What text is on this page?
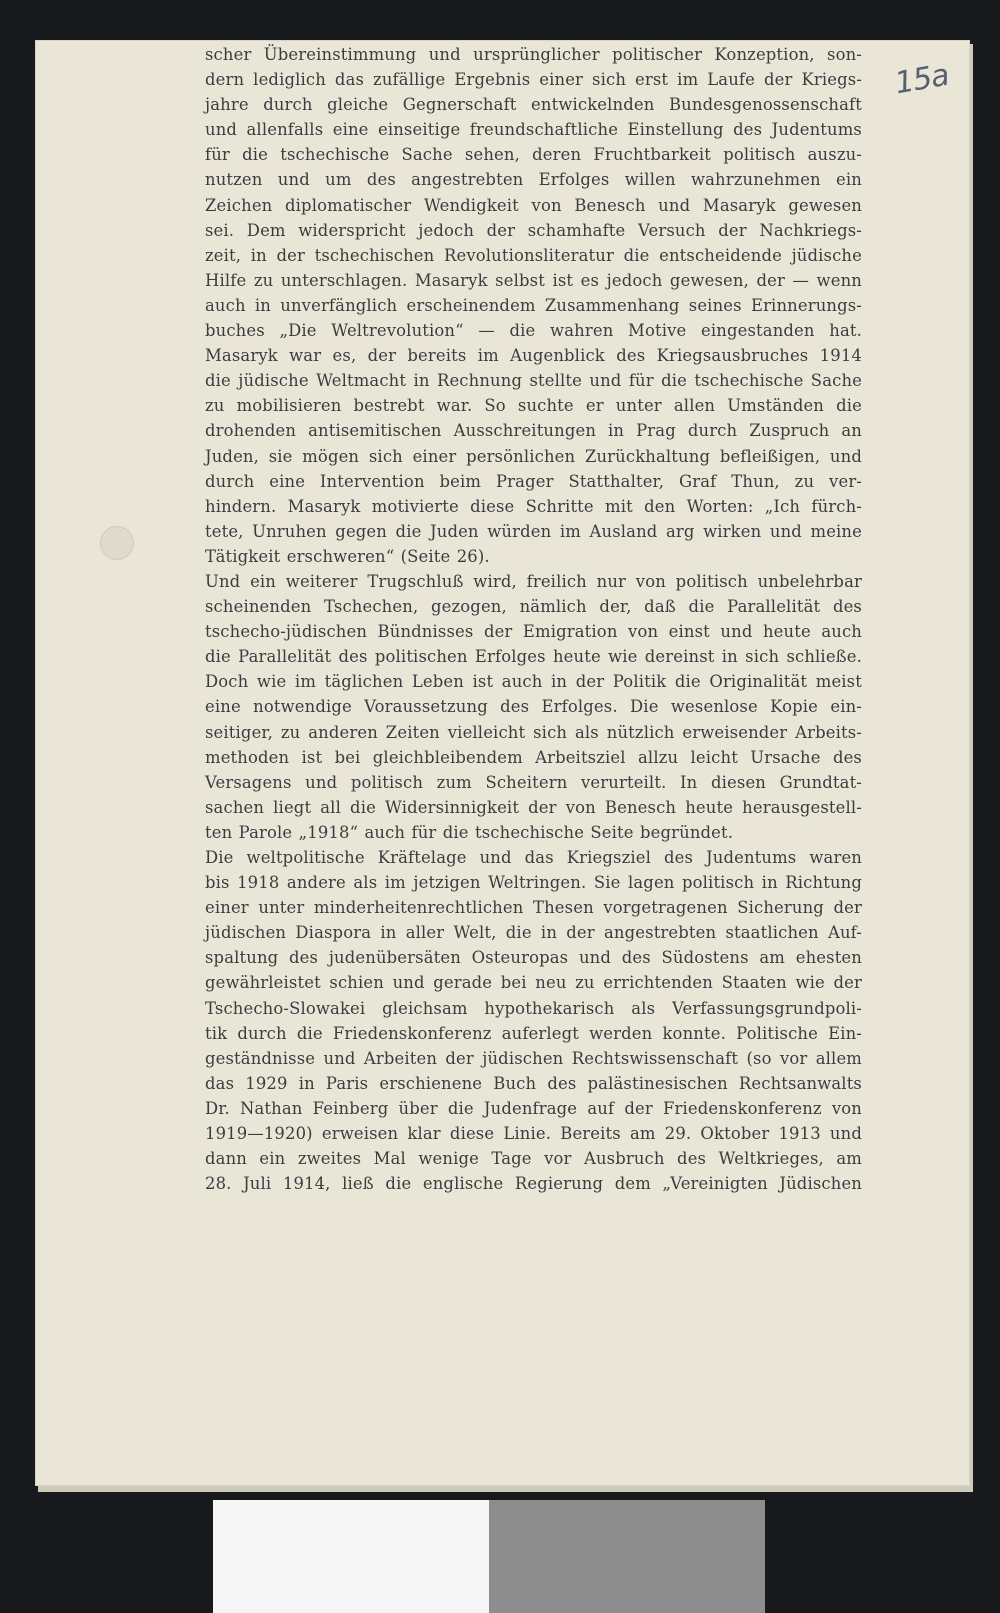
15a
scher Übereinstimmung und ursprünglicher politischer Konzeption, son-
dern lediglich das zufällige Ergebnis einer sich erst im Laufe der Kriegs-
jahre durch gleiche Gegnerschaft entwickelnden Bundesgenossenschaft
und allenfalls eine einseitige freundschaftliche Einstellung des Judentums
für die tschechische Sache sehen, deren Fruchtbarkeit politisch auszu-
nutzen und um des angestrebten Erfolges willen wahrzunehmen ein
Zeichen diplomatischer Wendigkeit von Benesch und Masaryk gewesen
sei. Dem widerspricht jedoch der schamhafte Versuch der Nachkriegs-
zeit, in der tschechischen Revolutionsliteratur die entscheidende jüdische
Hilfe zu unterschlagen. Masaryk selbst ist es jedoch gewesen, der — wenn
auch in unverfänglich erscheinendem Zusammenhang seines Erinnerungs-
buches „Die Weltrevolution“ — die wahren Motive eingestanden hat.
Masaryk war es, der bereits im Augenblick des Kriegsausbruches 1914
die jüdische Weltmacht in Rechnung stellte und für die tschechische Sache
zu mobilisieren bestrebt war. So suchte er unter allen Umständen die
drohenden antisemitischen Ausschreitungen in Prag durch Zuspruch an
Juden, sie mögen sich einer persönlichen Zurückhaltung befleißigen, und
durch eine Intervention beim Prager Statthalter, Graf Thun, zu ver-
hindern. Masaryk motivierte diese Schritte mit den Worten: „Ich fürch-
tete, Unruhen gegen die Juden würden im Ausland arg wirken und meine
Tätigkeit erschweren“ (Seite 26).
Und ein weiterer Trugschluß wird, freilich nur von politisch unbelehrbar
scheinenden Tschechen, gezogen, nämlich der, daß die Parallelität des
tschecho-jüdischen Bündnisses der Emigration von einst und heute auch
die Parallelität des politischen Erfolges heute wie dereinst in sich schließe.
Doch wie im täglichen Leben ist auch in der Politik die Originalität meist
eine notwendige Voraussetzung des Erfolges. Die wesenlose Kopie ein-
seitiger, zu anderen Zeiten vielleicht sich als nützlich erweisender Arbeits-
methoden ist bei gleichbleibendem Arbeitsziel allzu leicht Ursache des
Versagens und politisch zum Scheitern verurteilt. In diesen Grundtat-
sachen liegt all die Widersinnigkeit der von Benesch heute herausgestell-
ten Parole „1918“ auch für die tschechische Seite begründet.
Die weltpolitische Kräftelage und das Kriegsziel des Judentums waren
bis 1918 andere als im jetzigen Weltringen. Sie lagen politisch in Richtung
einer unter minderheitenrechtlichen Thesen vorgetragenen Sicherung der
jüdischen Diaspora in aller Welt, die in der angestrebten staatlichen Auf-
spaltung des judenübersäten Osteuropas und des Südostens am ehesten
gewährleistet schien und gerade bei neu zu errichtenden Staaten wie der
Tschecho-Slowakei gleichsam hypothekarisch als Verfassungsgrundpoli-
tik durch die Friedenskonferenz auferlegt werden konnte. Politische Ein-
geständnisse und Arbeiten der jüdischen Rechtswissenschaft (so vor allem
das 1929 in Paris erschienene Buch des palästinesischen Rechtsanwalts
Dr. Nathan Feinberg über die Judenfrage auf der Friedenskonferenz von
1919—1920) erweisen klar diese Linie. Bereits am 29. Oktober 1913 und
dann ein zweites Mal wenige Tage vor Ausbruch des Weltkrieges, am
28. Juli 1914, ließ die englische Regierung dem „Vereinigten Jüdischen
